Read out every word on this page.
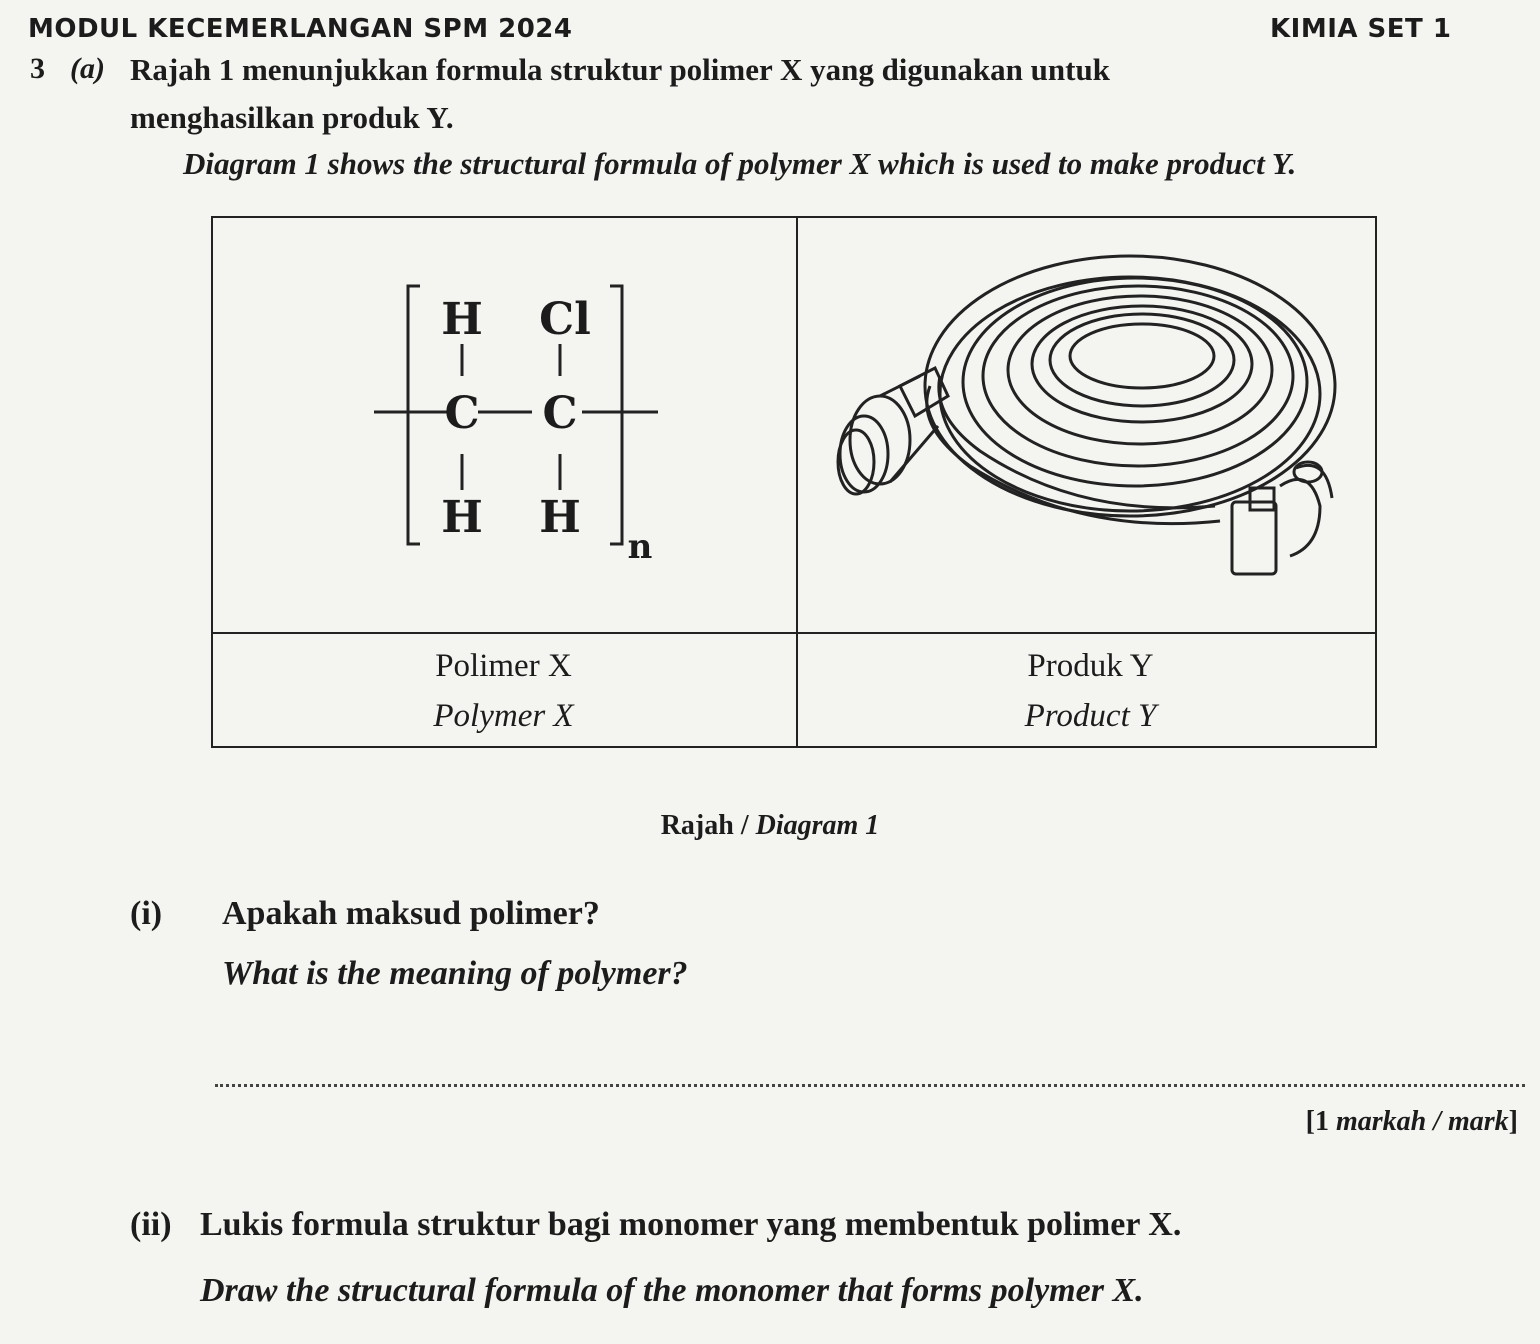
MODUL KECEMERLANGAN SPM 2024	KIMIA SET 1
3 (a) Rajah 1 menunjukkan formula struktur polimer X yang digunakan untuk
menghasilkan produk Y.
Diagram 1 shows the structural formula of polymer X which is used to make product Y.
H Cl
C C
H H
n
Polimer X
Polymer X
Produk Y
Product Y
Rajah / Diagram 1
(i) Apakah maksud polimer?
What is the meaning of polymer?
[1 markah / mark]
(ii) Lukis formula struktur bagi monomer yang membentuk polimer X.
Draw the structural formula of the monomer that forms polymer X.
